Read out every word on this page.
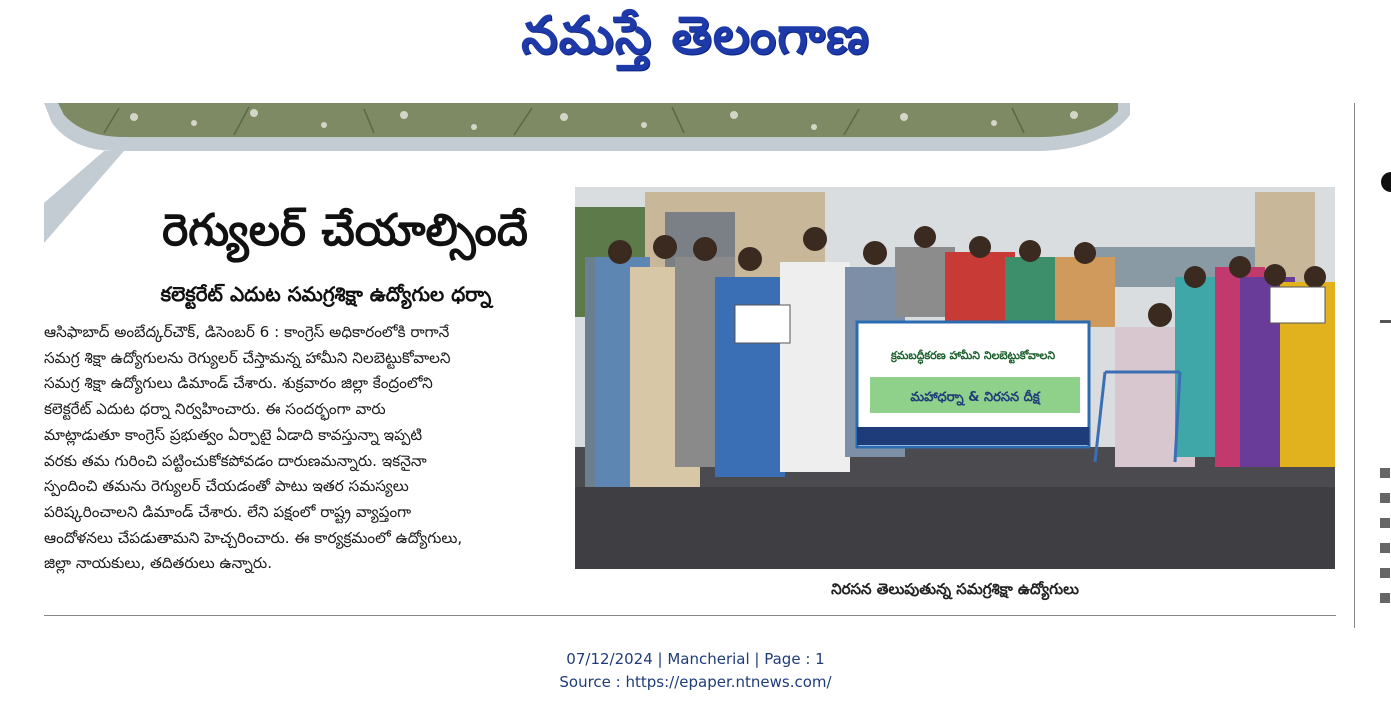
నమస్తే తెలంగాణ
రెగ్యులర్ చేయాల్సిందే
కలెక్టరేట్ ఎదుట సమగ్రశిక్షా ఉద్యోగుల ధర్నా

ఆసిఫాబాద్ అంబేద్కర్‌చౌక్, డిసెంబర్ 6 : కాంగ్రెస్ అధికారంలోకి రాగానే

సమగ్ర శిక్షా ఉద్యోగులను రెగ్యులర్ చేస్తామన్న హామీని నిలబెట్టుకోవాలని

సమగ్ర శిక్షా ఉద్యోగులు డిమాండ్ చేశారు. శుక్రవారం జిల్లా కేంద్రంలోని

కలెక్టరేట్ ఎదుట ధర్నా నిర్వహించారు. ఈ సందర్భంగా వారు

మాట్లాడుతూ కాంగ్రెస్ ప్రభుత్వం ఏర్పాటై ఏడాది కావస్తున్నా ఇప్పటి

వరకు తమ గురించి పట్టించుకోకపోవడం దారుణమన్నారు. ఇకనైనా

స్పందించి తమను రెగ్యులర్ చేయడంతో పాటు ఇతర సమస్యలు

పరిష్కరించాలని డిమాండ్ చేశారు. లేని పక్షంలో రాష్ట్ర వ్యాప్తంగా

ఆందోళనలు చేపడుతామని హెచ్చరించారు. ఈ కార్యక్రమంలో ఉద్యోగులు,

జిల్లా నాయకులు, తదితరులు ఉన్నారు.

క్రమబద్ధీకరణ హామీని నిలబెట్టుకోవాలని
మహాధర్నా & నిరసన దీక్ష
నిరసన తెలుపుతున్న సమగ్రశిక్షా ఉద్యోగులు
07/12/2024 | Mancherial | Page : 1
Source : https://epaper.ntnews.com/
